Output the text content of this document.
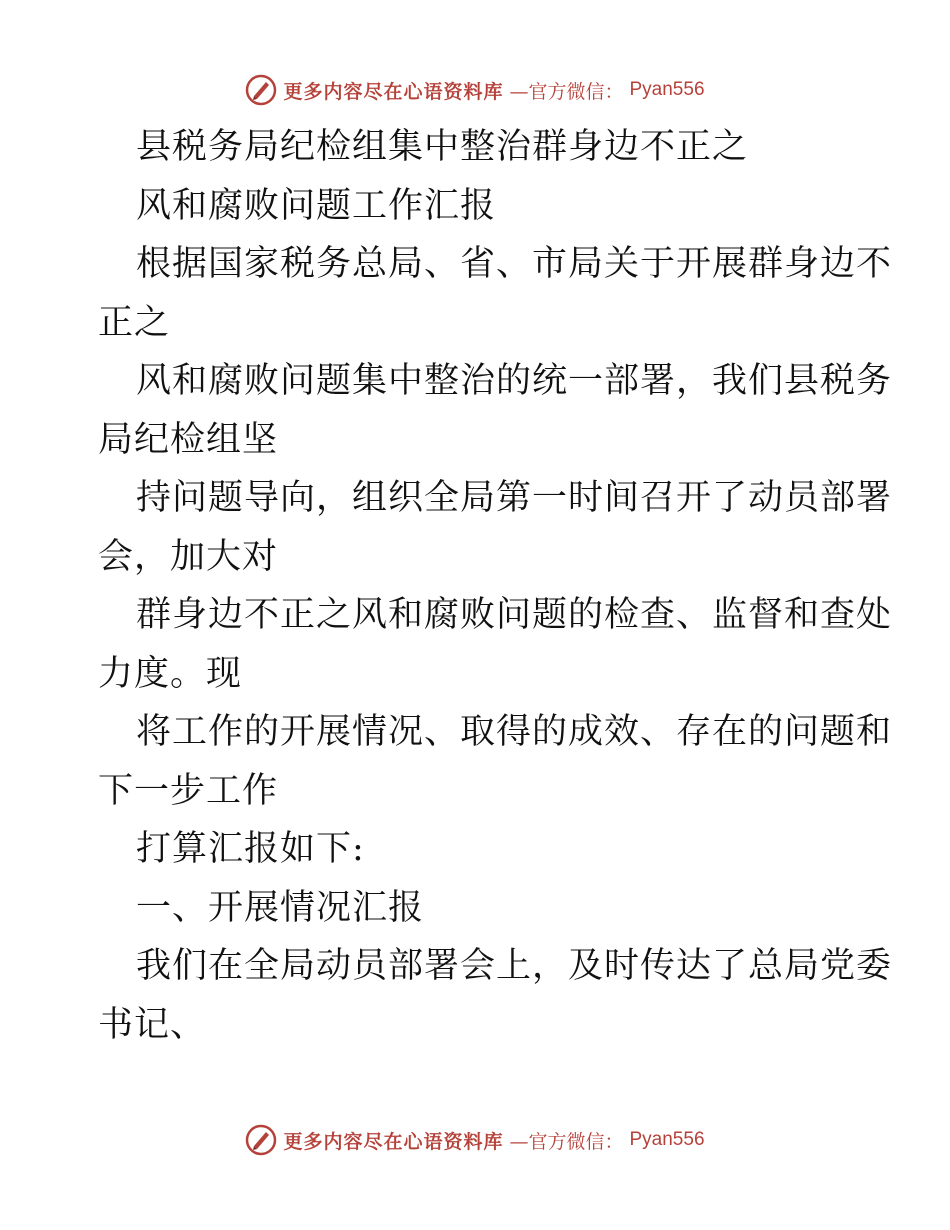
更多内容尽在心语资料库 —官方微信： Pyan556
县税务局纪检组集中整治群身边不正之
风和腐败问题工作汇报
根据国家税务总局、省、市局关于开展群身边不
正之
风和腐败问题集中整治的统一部署，我们县税务
局纪检组坚
持问题导向，组织全局第一时间召开了动员部署
会，加大对
群身边不正之风和腐败问题的检查、监督和查处
力度。现
将工作的开展情况、取得的成效、存在的问题和
下一步工作
打算汇报如下:
一、开展情况汇报
我们在全局动员部署会上，及时传达了总局党委
书记、
更多内容尽在心语资料库 —官方微信： Pyan556
